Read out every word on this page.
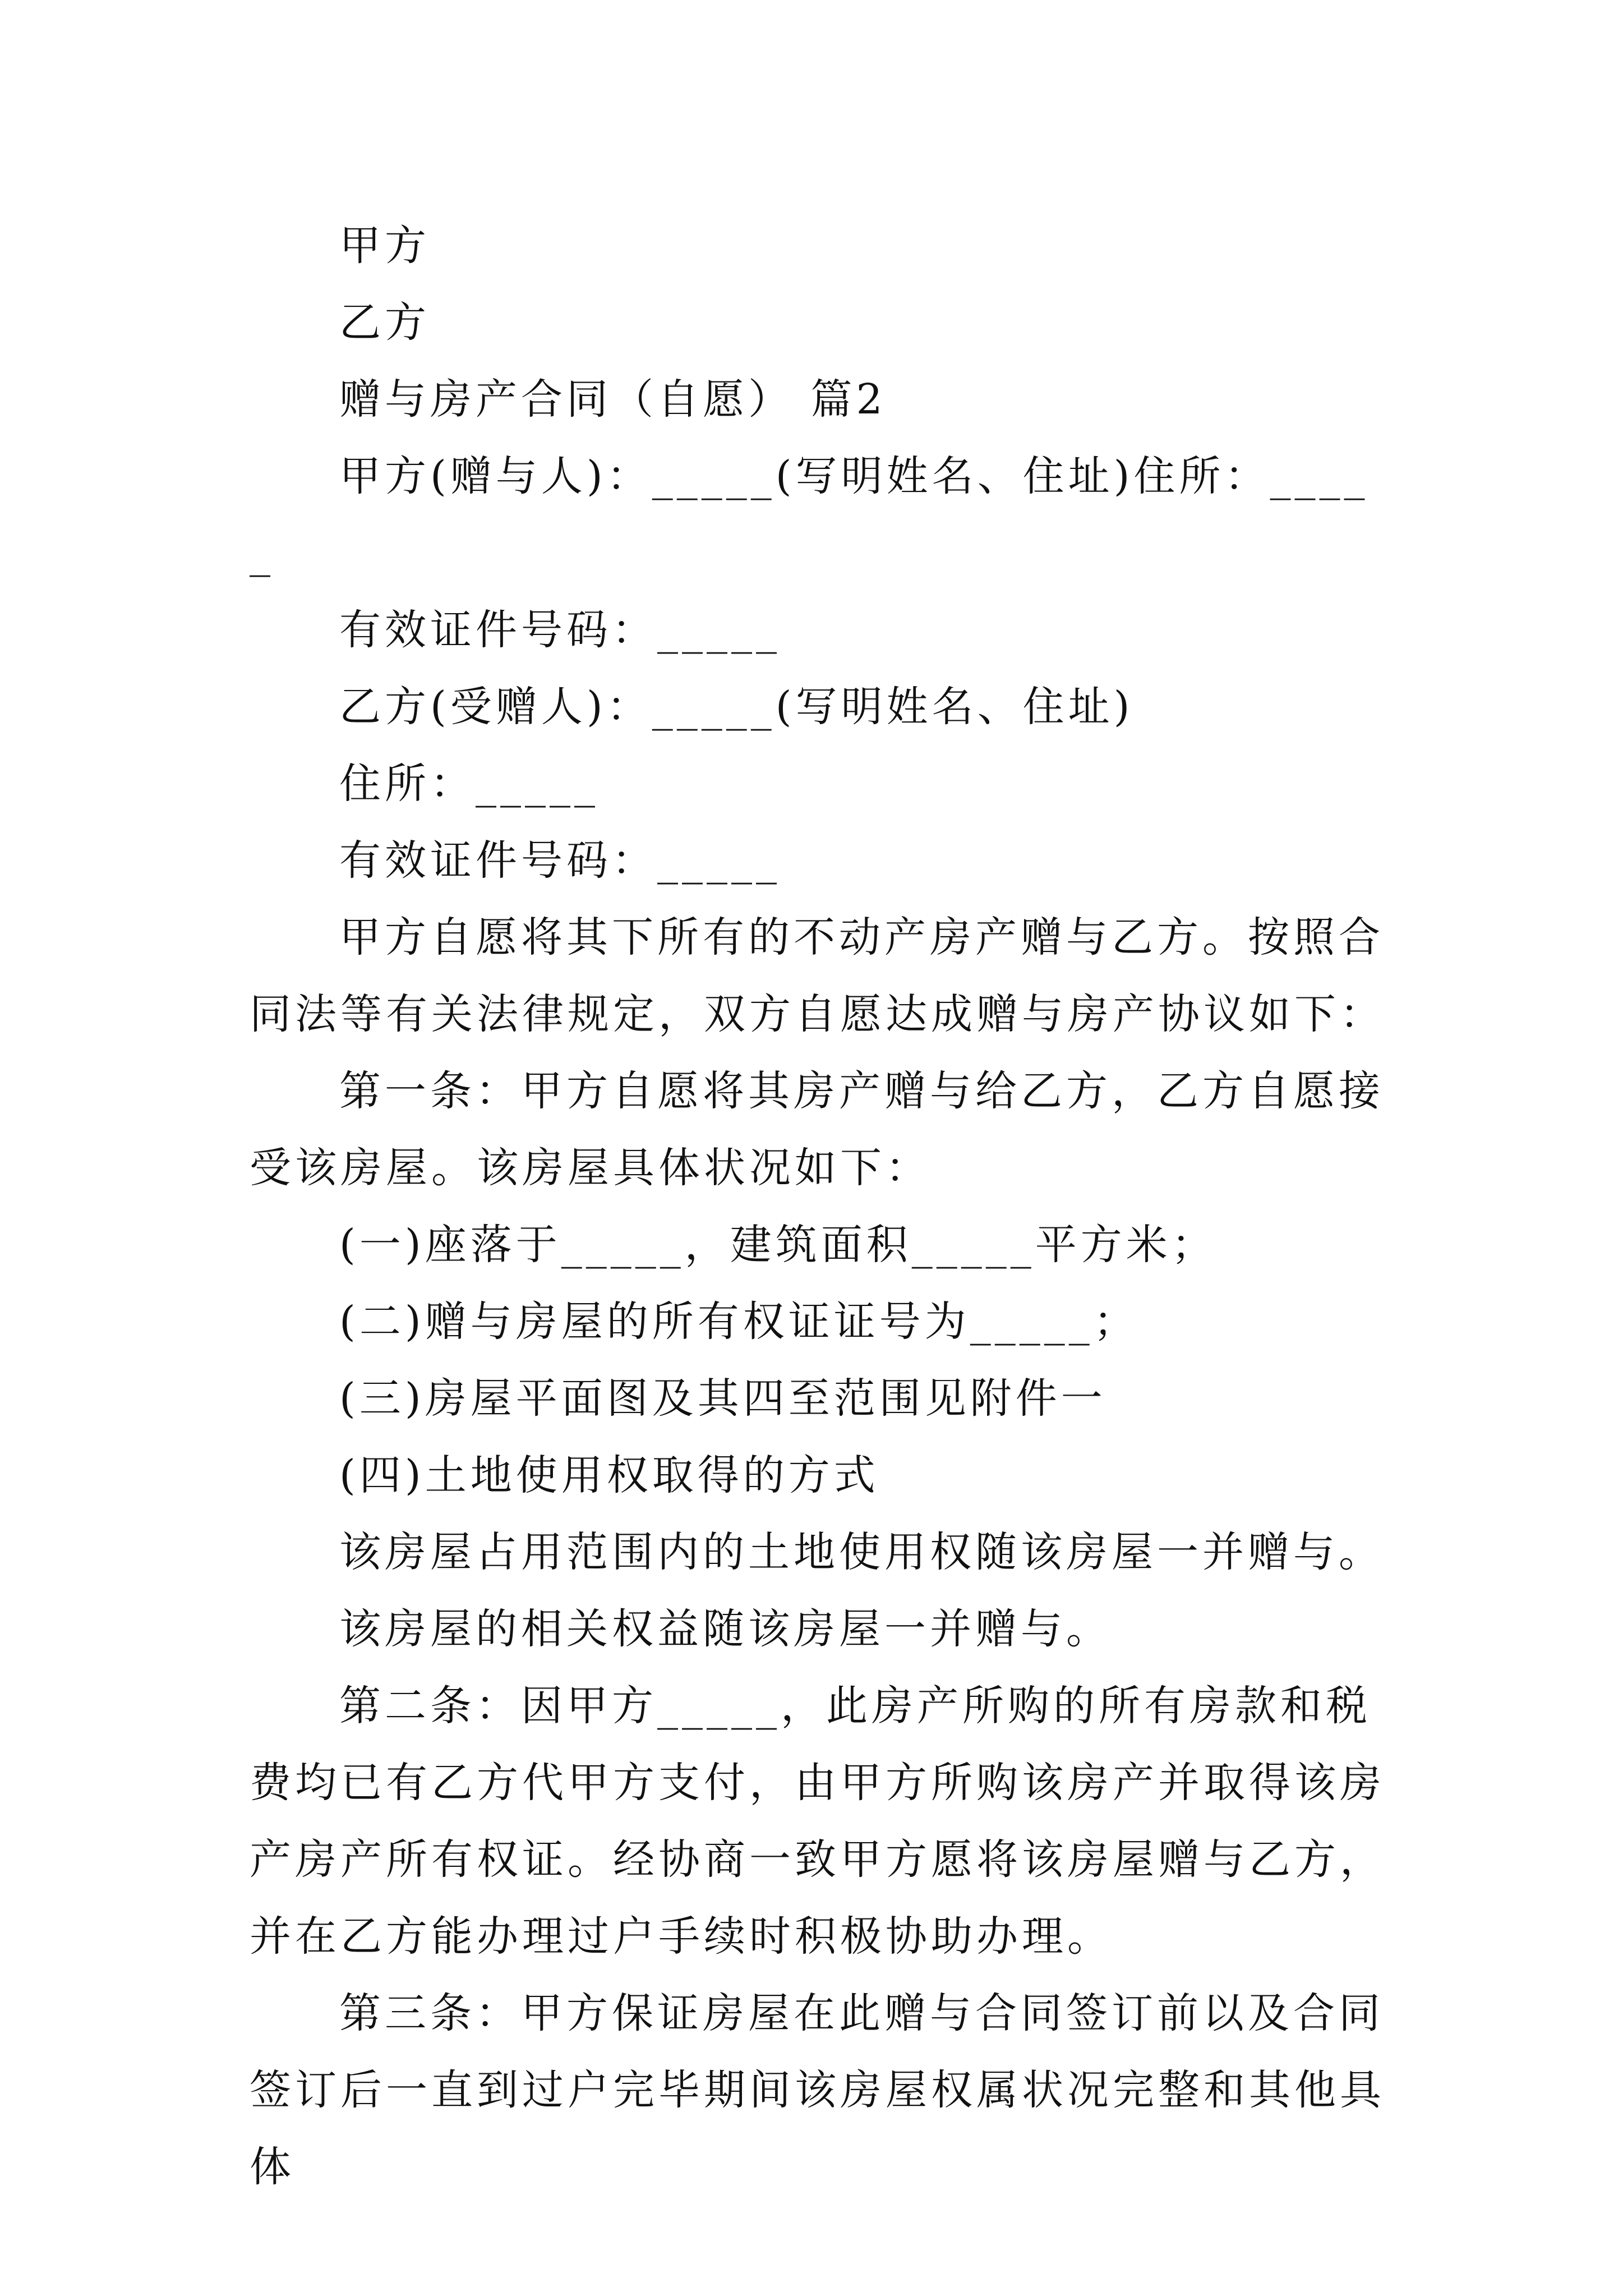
甲方

乙方

赠与房产合同（自愿） 篇2

甲方(赠与人)：_____(写明姓名、住址)住所：_____

有效证件号码：_____

乙方(受赠人)：_____(写明姓名、住址)

住所：_____

有效证件号码：_____

甲方自愿将其下所有的不动产房产赠与乙方。按照合同法等有关法律规定，双方自愿达成赠与房产协议如下：

第一条：甲方自愿将其房产赠与给乙方，乙方自愿接受该房屋。该房屋具体状况如下：

(一)座落于_____，建筑面积_____平方米；

(二)赠与房屋的所有权证证号为_____；

(三)房屋平面图及其四至范围见附件一

(四)土地使用权取得的方式

该房屋占用范围内的土地使用权随该房屋一并赠与。

该房屋的相关权益随该房屋一并赠与。

第二条：因甲方_____，此房产所购的所有房款和税费均已有乙方代甲方支付，由甲方所购该房产并取得该房产房产所有权证。经协商一致甲方愿将该房屋赠与乙方，并在乙方能办理过户手续时积极协助办理。

第三条：甲方保证房屋在此赠与合同签订前以及合同签订后一直到过户完毕期间该房屋权属状况完整和其他具体
